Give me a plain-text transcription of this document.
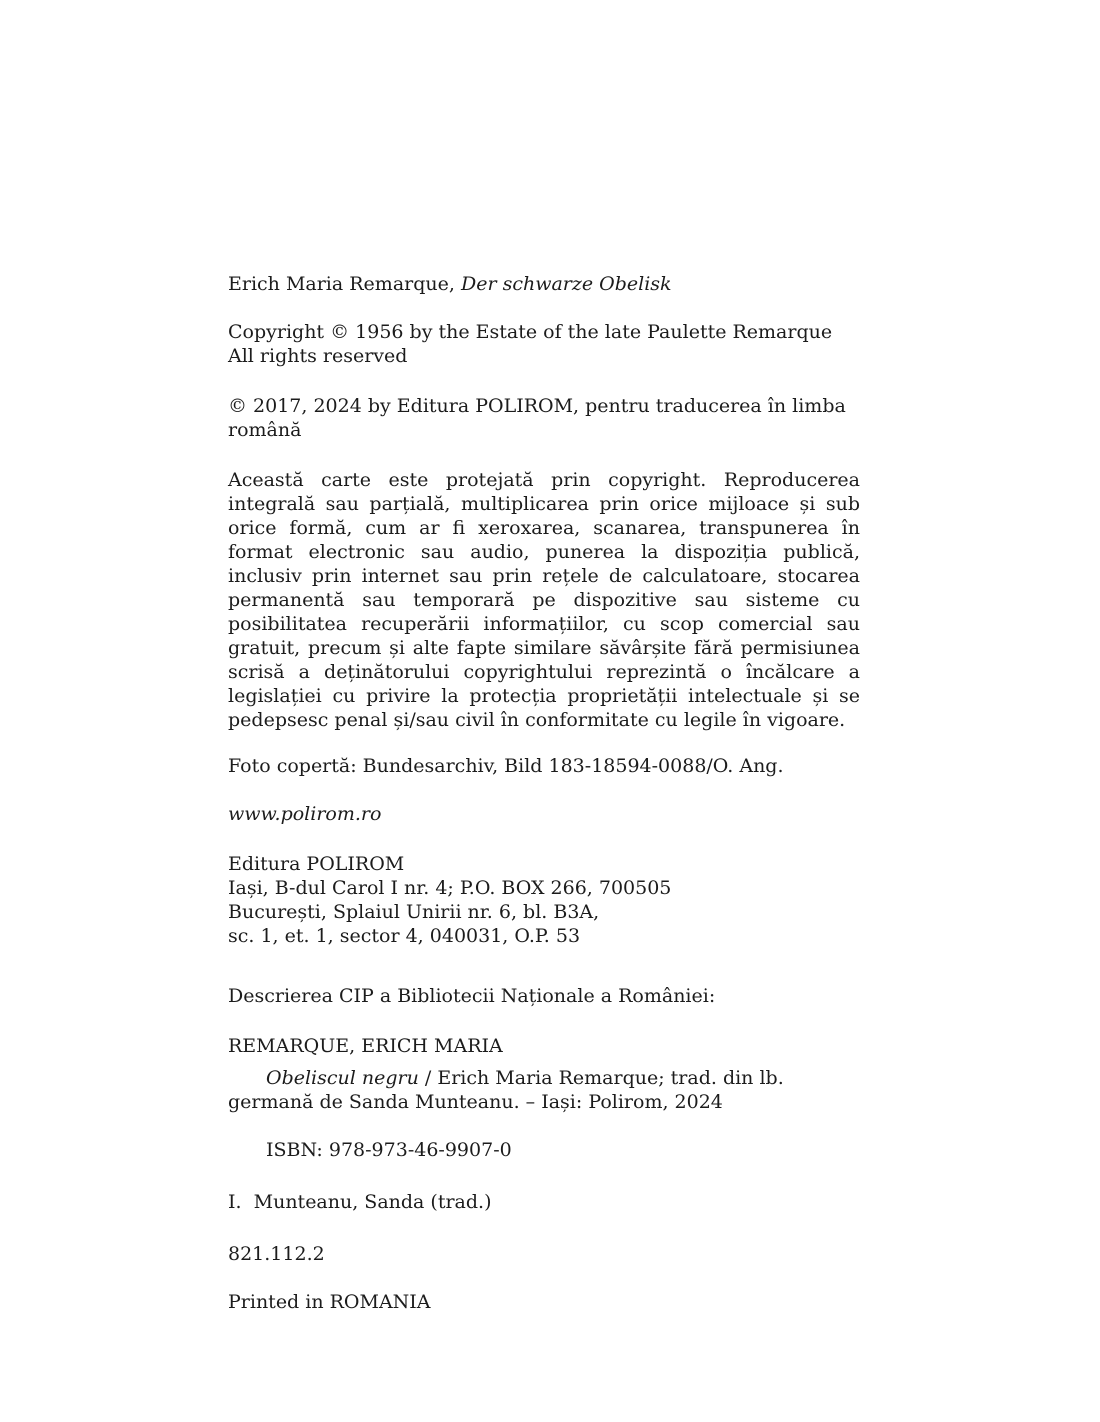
Erich Maria Remarque, Der schwarze Obelisk

Copyright © 1956 by the Estate of the late Paulette Remarque
All rights reserved

© 2017, 2024 by Editura POLIROM, pentru traducerea în limba română

Această carte este protejată prin copyright. Reproducerea integrală sau parțială, multiplicarea prin orice mijloace și sub orice formă, cum ar fi xeroxarea, scanarea, transpunerea în format electronic sau audio, punerea la dispoziția publică, inclusiv prin internet sau prin rețele de calculatoare, stocarea permanentă sau temporară pe dispozitive sau sisteme cu posibilitatea recuperării informațiilor, cu scop comercial sau gratuit, precum și alte fapte similare săvârșite fără permisiunea scrisă a deținătorului copyrightului reprezintă o încălcare a legislației cu privire la protecția proprietății intelectuale și se pedepsesc penal și/sau civil în conformitate cu legile în vigoare.

Foto copertă: Bundesarchiv, Bild 183-18594-0088/O. Ang.

www.polirom.ro

Editura POLIROM
Iași, B-dul Carol I nr. 4; P.O. BOX 266, 700505
București, Splaiul Unirii nr. 6, bl. B3A,
sc. 1, et. 1, sector 4, 040031, O.P. 53

Descrierea CIP a Bibliotecii Naționale a României:

REMARQUE, ERICH MARIA

Obeliscul negru / Erich Maria Remarque; trad. din lb. germană de Sanda Munteanu. – Iași: Polirom, 2024

ISBN: 978-973-46-9907-0

I.  Munteanu, Sanda (trad.)

821.112.2

Printed in ROMANIA
